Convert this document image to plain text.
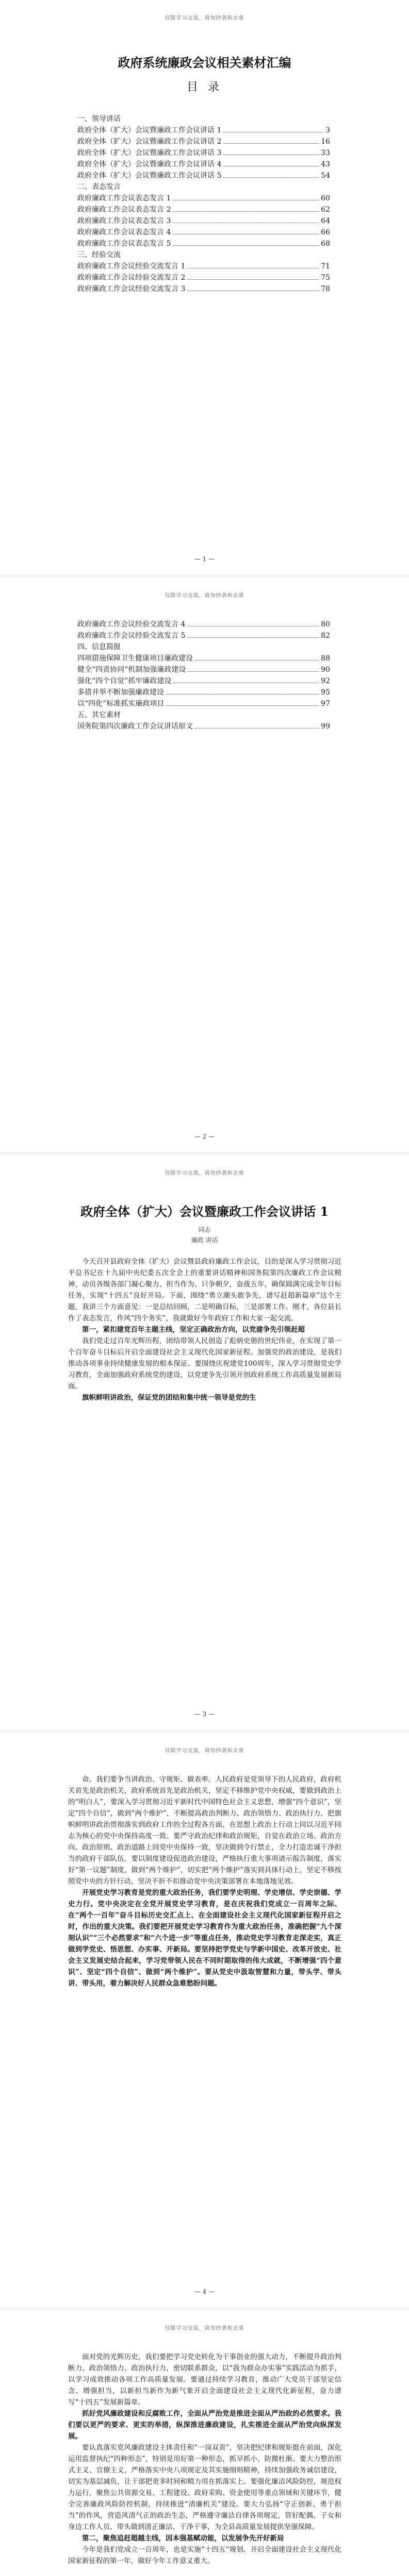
仅限学习交流，请勿抄袭和去重
政府系统廉政会议相关素材汇编
目 录
一、领导讲话
政府全体（扩大）会议暨廉政工作会议讲话 1	3
政府全体（扩大）会议暨廉政工作会议讲话 2	16
政府全体（扩大）会议暨廉政工作会议讲话 3	33
政府全体（扩大）会议暨廉政工作会议讲话 4	43
政府全体（扩大）会议暨廉政工作会议讲话 5	54
二、表态发言
政府廉政工作会议表态发言 1	60
政府廉政工作会议表态发言 2	62
政府廉政工作会议表态发言 3	64
政府廉政工作会议表态发言 4	66
政府廉政工作会议表态发言 5	68
三、经验交流
政府廉政工作会议经验交流发言 1	71
政府廉政工作会议经验交流发言 2	75
政府廉政工作会议经验交流发言 3	78
— 1 —
仅限学习交流，请勿抄袭和去重
政府廉政工作会议经验交流发言 4	80
政府廉政工作会议经验交流发言 5	82
四、信息简报
四项措施保障卫生健康项目廉政建设	88
健全“四责协同”机制加强廉政建设	90
强化“四个自觉”抓牢廉政建设	92
多措并举不断加强廉政建设	95
以“四化”标准抓实廉政项目	97
五、其它素材
国务院第四次廉政工作会议讲话原文	99
— 2 —
仅限学习交流，请勿抄袭和去重
政府全体（扩大）会议暨廉政工作会议讲话 1
同志
廉政 讲话

今天召开县政府全体（扩大）会议暨县政府廉政工作会议，目的是深入学习贯彻习近平总书记在十九届中央纪委五次全会上的重要讲话精神和国务院第四次廉政工作会议精神，动员各级各部门凝心聚力、担当作为、只争朝夕，奋战五年，确保圆满完成全年目标任务，实现“十四五”良好开局。下面，围绕“勇立潮头敢争先，谱写赶超新篇章”这个主题，我讲三个方面意见：一是总结回顾，二是明确目标，三是部署工作。刚才，各位县长作了表态发言，作风“四个务实”，我就做好今年政府工作和大家一起交流。

第一，紧扣建党百年主题主线，坚定正确政治方向，以党建争先引领赶超

我们党走过百年光辉历程，团结带领人民创造了彪炳史册的世纪伟业，在实现了第一个百年奋斗目标后开启全面建设社会主义现代化国家新征程。加强党的政治建设，是我们推动各项事业持续健康发展的根本保证。要围绕庆祝建党100周年，深入学习贯彻党史学习教育，全面加强政府系统党的建设，以党建争先引领开创政府系统工作高质量发展新局面。

旗帜鲜明讲政治，保证党的团结和集中统一领导是党的生

— 3 —
仅限学习交流，请勿抄袭和去重

命。我们要争当讲政治、守规矩、做表率。人民政府是党领导下的人民政府，政府机关首先是政治机关，政府系统首先是政治机关，坚定不移维护党中央权威，要做到政治上的“明白人”，要深入学习贯彻习近平新时代中国特色社会主义思想，增强“四个意识”，坚定“四个自信”，做到“两个维护”，不断提高政治判断力、政治领悟力、政治执行力，把旗帜鲜明讲政治贯彻落实到政府工作的全过程各方面，在思想上政治上行动上同以习近平同志为核心的党中央保持高度一致。要严守政治纪律和政治规矩，自觉在政治立场、政治方向、政治原则、政治道路上同党中央保持一致，坚决做到令行禁止，全力打造忠诚干净担当的政府干部队伍。要以制度建设促进政治建设，严格执行重大事项请示报告制度，落实好“第一议题”制度，做到“两个维护”，切实把“两个维护”落实到具体行动上，坚定不移按照党中央的方针行动，坚决不折不扣推动党中央决策部署在本地落地见效。

开展党史学习教育是党的重大政治任务，我们要学史明理、学史增信、学史崇德、学史力行。党中央决定在全党开展党史学习教育，是在庆祝我们党成立一百周年之际、在“两个一百年”奋斗目标历史交汇点上、在全面建设社会主义现代化国家新征程开启之时，作出的重大决策。我们要把开展党史学习教育作为重大政治任务，准确把握“九个深刻认识”“三个必然要求”和“六个进一步”等重点任务，推动党史学习教育走深走实，真正做到学党史、悟思想、办实事、开新局。要坚持把学党史与学新中国史、改革开放史、社会主义发展史结合起来，学习党带领人民在不同时期取得的伟大成就，不断增强“四个意识”、坚定“四个自信”、做到“两个维护”。要从党史中汲取智慧和力量，带头学、带头讲、带头用，着力解决好人民群众急难愁盼问题。

— 4 —
仅限学习交流，请勿抄袭和去重

面对党的光辉历史，我们要把学习党史转化为干事创业的强大动力，不断提升政治判断力、政治领悟力、政治执行力，密切联系群众，以“我为群众办实事”实践活动为抓手，以学习成效推动各项工作高质量发展。要通过持续学习教育，推动广大党员干部坚定信念、增强担当，以新担当新作为新气象开启全面建设社会主义现代化新征程，奋力谱写“十四五”发展新篇章。

抓好党风廉政建设和反腐败工作，全面从严治党是推进全面从严治政的必然要求。我们要以更严的要求、更实的举措，纵深推进廉政建设，扎实推进全面从严治党向纵深发展。

要认真落实党风廉政建设主体责任和“一岗双责”，坚决把纪律和规矩挺在前面，深化运用监督执纪“四种形态”，特别是用好第一种形态，抓早抓小、防微杜渐。要大力整治形式主义、官僚主义，严格落实中央八项规定及其实施细则精神，持续加强政务诚信建设，切实为基层减负，让干部把更多时间和精力用在抓落实上。要强化廉洁风险防控，规范权力运行，聚焦公共资源交易、工程建设、政府采购、资金使用等重点领域和关键环节，健全完善廉政风险防控机制，持续推进“清廉机关”建设。要大力弘扬“守正创新、勇于担当”的作风，营造风清气正的政治生态，严格遵守廉洁自律各项规定，管好配偶、子女和身边工作人员，带头做到清正廉洁、干净干事，为全县高质量发展提供坚强保障。

第二，聚焦追赶超越主线，因本强基赋动能，以发展争先开好新局

今年是我们党成立一百周年，也是实施“十四五”规划、开启全面建设社会主义现代化国家新征程的第一年，做好今年工作意义重大。
